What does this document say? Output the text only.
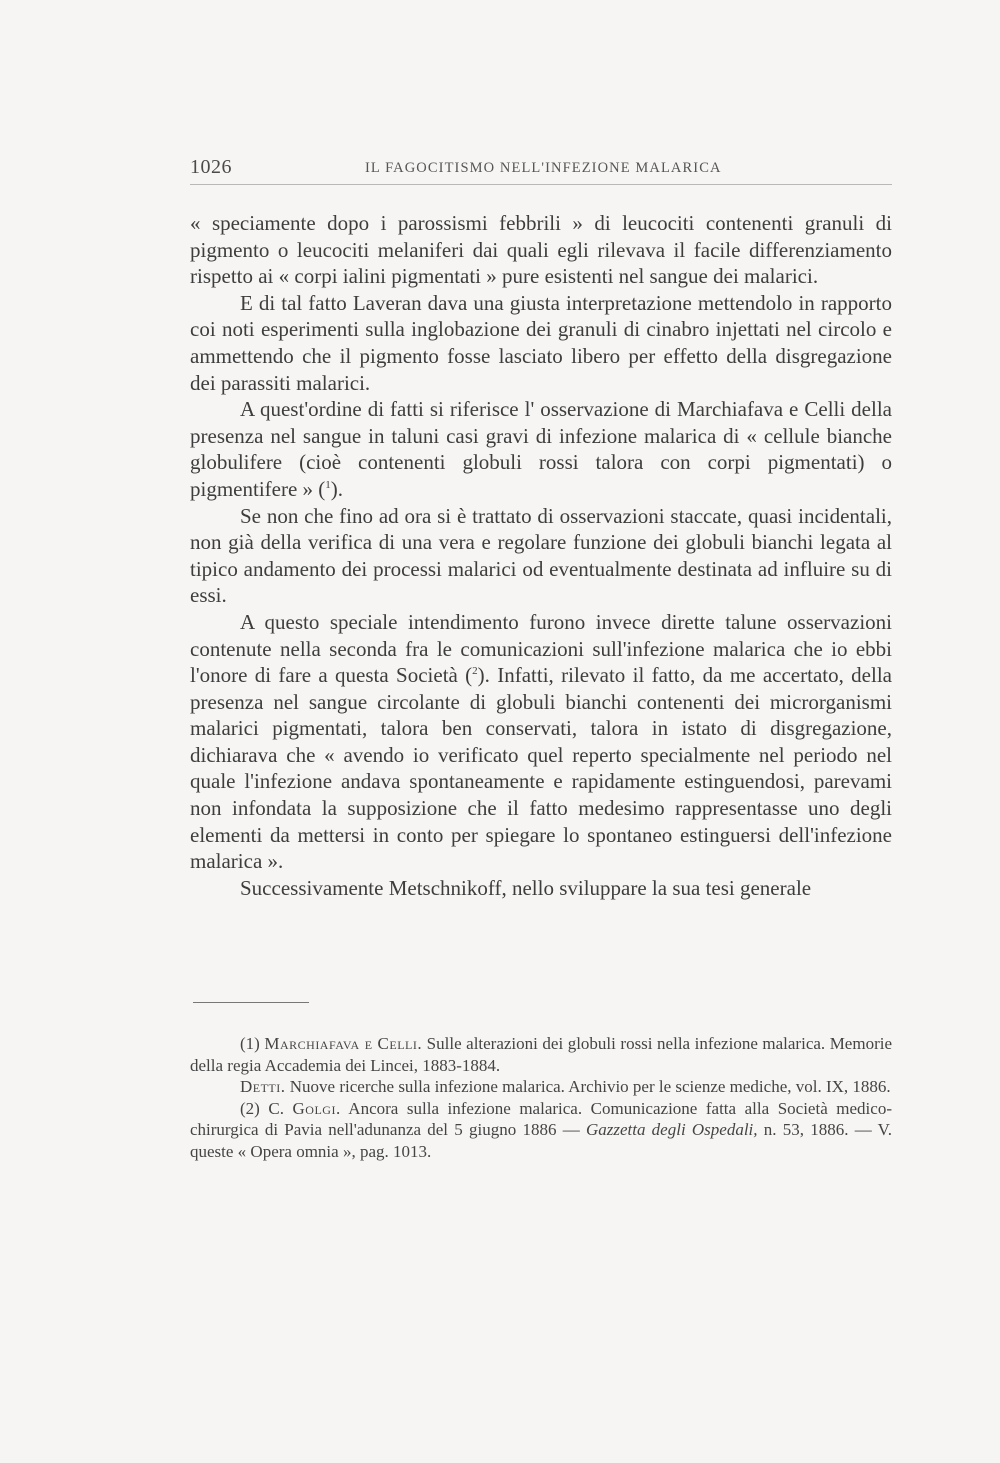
1026	IL FAGOCITISMO NELL'INFEZIONE MALARICA

« speciamente dopo i parossismi febbrili » di leucociti contenenti granuli di pigmento o leucociti melaniferi dai quali egli rilevava il facile differenziamento rispetto ai « corpi ialini pigmentati » pure esistenti nel sangue dei malarici.

E di tal fatto Laveran dava una giusta interpretazione mettendolo in rapporto coi noti esperimenti sulla inglobazione dei granuli di cinabro injettati nel circolo e ammettendo che il pigmento fosse lasciato libero per effetto della disgregazione dei parassiti malarici.

A quest'ordine di fatti si riferisce l' osservazione di Marchiafava e Celli della presenza nel sangue in taluni casi gravi di infezione malarica di « cellule bianche globulifere (cioè contenenti globuli rossi talora con corpi pigmentati) o pigmentifere » ($^1$).

Se non che fino ad ora si è trattato di osservazioni staccate, quasi incidentali, non già della verifica di una vera e regolare funzione dei globuli bianchi legata al tipico andamento dei processi malarici od eventualmente destinata ad influire su di essi.

A questo speciale intendimento furono invece dirette talune osservazioni contenute nella seconda fra le comunicazioni sull'infezione malarica che io ebbi l'onore di fare a questa Società ($^2$). Infatti, rilevato il fatto, da me accertato, della presenza nel sangue circolante di globuli bianchi contenenti dei microrganismi malarici pigmentati, talora ben conservati, talora in istato di disgregazione, dichiarava che « avendo io verificato quel reperto specialmente nel periodo nel quale l'infezione andava spontaneamente e rapidamente estinguendosi, parevami non infondata la supposizione che il fatto medesimo rappresentasse uno degli elementi da mettersi in conto per spiegare lo spontaneo estinguersi dell'infezione malarica ».

Successivamente Metschnikoff, nello sviluppare la sua tesi generale

(1) Marchiafava e Celli. Sulle alterazioni dei globuli rossi nella infezione malarica. Memorie della regia Accademia dei Lincei, 1883-1884.

Detti. Nuove ricerche sulla infezione malarica. Archivio per le scienze mediche, vol. IX, 1886.

(2) C. Golgi. Ancora sulla infezione malarica. Comunicazione fatta alla Società medico-chirurgica di Pavia nell'adunanza del 5 giugno 1886 — Gazzetta degli Ospedali, n. 53, 1886. — V. queste « Opera omnia », pag. 1013.
